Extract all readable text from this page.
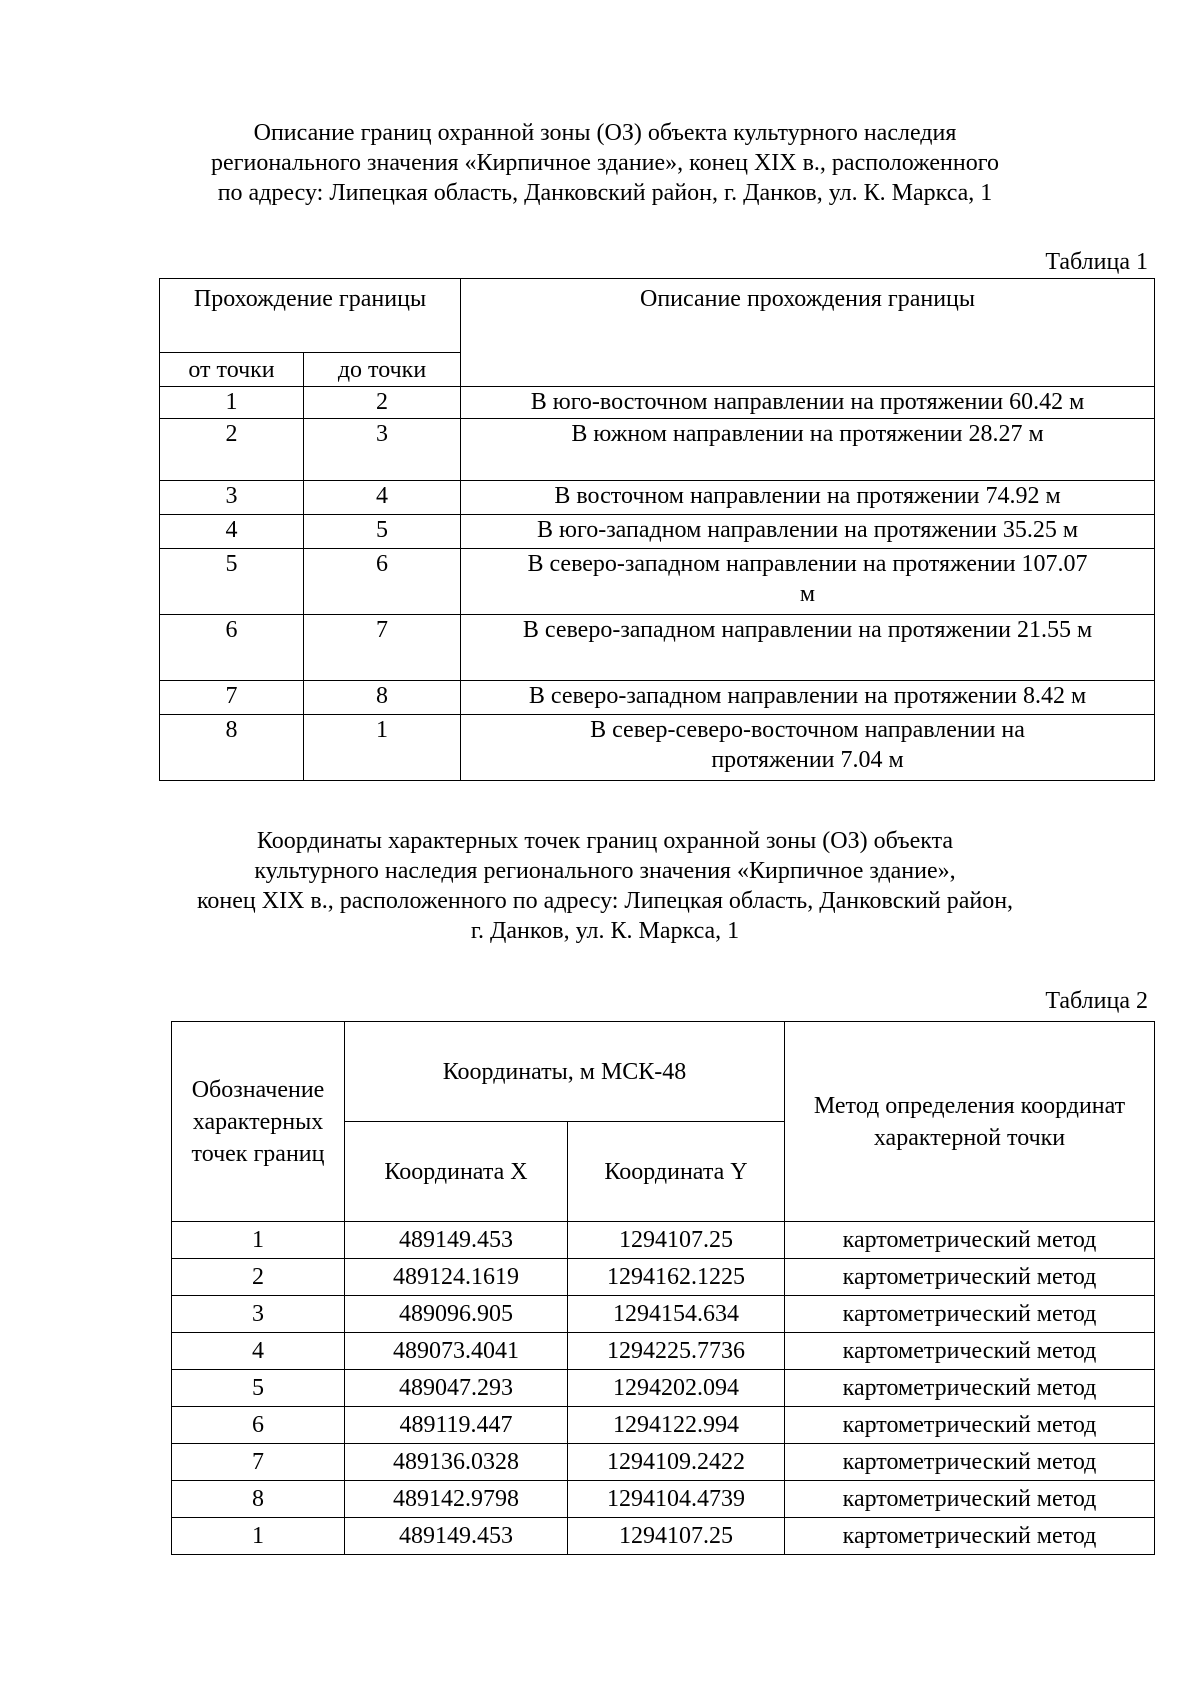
Описание границ охранной зоны (ОЗ) объекта культурного наследия
регионального значения «Кирпичное здание», конец XIX в., расположенного
по адресу: Липецкая область, Данковский район, г. Данков, ул. К. Маркса, 1
Таблица 1
Прохождение границы		Описание прохождения границы
от точки	до точки	
1	2	В юго-восточном направлении на протяжении 60.42 м
2	3	В южном направлении на протяжении 28.27 м
3	4	В восточном направлении на протяжении 74.92 м
4	5	В юго-западном направлении на протяжении 35.25 м
5	6	В северо-западном направлении на протяжении 107.07 м
6	7	В северо-западном направлении на протяжении 21.55 м
7	8	В северо-западном направлении на протяжении 8.42 м
8	1	В север-северо-восточном направлении на протяжении 7.04 м
Координаты характерных точек границ охранной зоны (ОЗ) объекта
культурного наследия регионального значения «Кирпичное здание»,
конец XIX в., расположенного по адресу: Липецкая область, Данковский район,
г. Данков, ул. К. Маркса, 1
Таблица 2
Обозначение характерных точек границ	Координаты, м МСК-48		Метод определения координат характерной точки
	Координата X	Координата Y	
1	489149.453	1294107.25	картометрический метод
2	489124.1619	1294162.1225	картометрический метод
3	489096.905	1294154.634	картометрический метод
4	489073.4041	1294225.7736	картометрический метод
5	489047.293	1294202.094	картометрический метод
6	489119.447	1294122.994	картометрический метод
7	489136.0328	1294109.2422	картометрический метод
8	489142.9798	1294104.4739	картометрический метод
1	489149.453	1294107.25	картометрический метод
